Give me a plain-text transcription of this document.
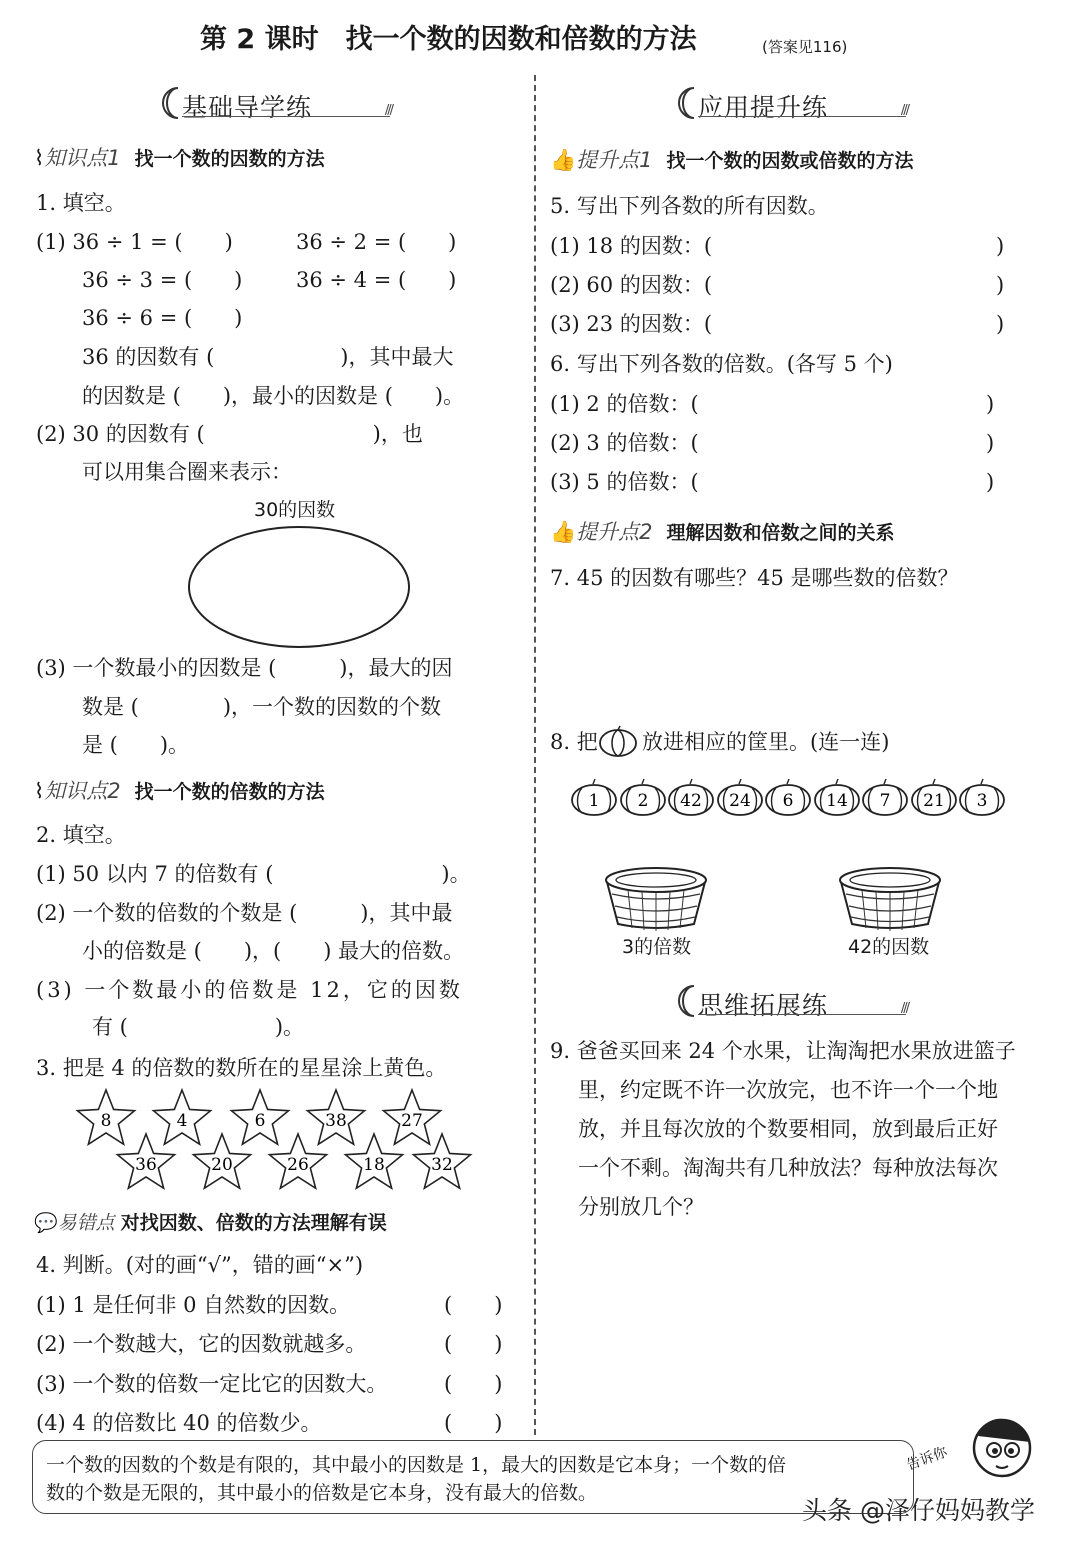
第 2 课时　找一个数的因数和倍数的方法	(答案见116)
基础导学练	///	应用提升练	///
思维拓展练	///
⌇知识点1 找一个数的因数的方法
1. 填空。
(1) 36 ÷ 1 = (　　)	36 ÷ 2 = (　　)
36 ÷ 3 = (　　)	36 ÷ 4 = (　　)
36 ÷ 6 = (　　)
36 的因数有 (　　　　　　)，其中最大
的因数是 (　　)，最小的因数是 (　　)。
(2) 30 的因数有 (　　　　　　　　)，也
可以用集合圈来表示：
30的因数
(3) 一个数最小的因数是 (　　　)，最大的因
数是 (　　　　)，一个数的因数的个数
是 (　　)。
⌇知识点2 找一个数的倍数的方法
2. 填空。
(1) 50 以内 7 的倍数有 (　　　　　　　　)。
(2) 一个数的倍数的个数是 (　　　)，其中最
小的倍数是 (　　)，(　　) 最大的倍数。
(3) 一个数最小的倍数是 12，它的因数
有 (　　　　　　　)。
3. 把是 4 的倍数的数所在的星星涂上黄色。
8	4	6	38	27
36	20	26	18	32
💬易错点 对找因数、倍数的方法理解有误
4. 判断。(对的画“√”，错的画“×”)
(1) 1 是任何非 0 自然数的因数。	(　　)
(2) 一个数越大，它的因数就越多。	(　　)
(3) 一个数的倍数一定比它的因数大。	(　　)
(4) 4 的倍数比 40 的倍数少。	(　　)
👍提升点1 找一个数的因数或倍数的方法
5. 写出下列各数的所有因数。
(1) 18 的因数：(	)
(2) 60 的因数：(	)
(3) 23 的因数：(	)
6. 写出下列各数的倍数。(各写 5 个)
(1) 2 的倍数：(	)
(2) 3 的倍数：(	)
(3) 5 的倍数：(	)
👍提升点2 理解因数和倍数之间的关系
7. 45 的因数有哪些？45 是哪些数的倍数？
8. 把 放进相应的筐里。(连一连)
1 2 42 24 6 14 7 21 3
3的倍数	42的因数
9. 爸爸买回来 24 个水果，让淘淘把水果放进篮子
里，约定既不许一次放完，也不许一个一个地
放，并且每次放的个数要相同，放到最后正好
一个不剩。淘淘共有几种放法？每种放法每次
分别放几个？
一个数的因数的个数是有限的，其中最小的因数是 1，最大的因数是它本身；一个数的倍
数的个数是无限的，其中最小的倍数是它本身，没有最大的倍数。
告诉你
头条 @泽仔妈妈教学
